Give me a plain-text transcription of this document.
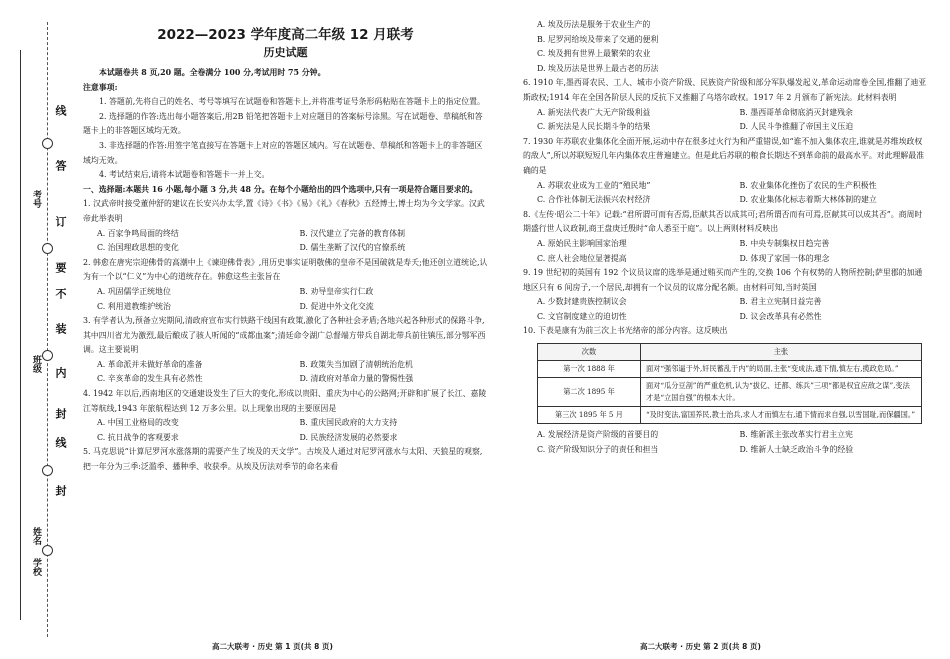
线
答
订
要
不
装
内
封
线
封
考号
班级
姓名
学校
2022—2023 学年度高二年级 12 月联考
历史试题

本试题卷共 8 页,20 题。全卷满分 100 分,考试用时 75 分钟。

注意事项:

1. 答题前,先将自己的姓名、考号等填写在试题卷和答题卡上,并将准考证号条形码粘贴在答题卡上的指定位置。

2. 选择题的作答:选出每小题答案后,用2B 铅笔把答题卡上对应题目的答案标号涂黑。写在试题卷、草稿纸和答题卡上的非答题区域均无效。

3. 非选择题的作答:用签字笔直接写在答题卡上对应的答题区域内。写在试题卷、草稿纸和答题卡上的非答题区域均无效。

4. 考试结束后,请将本试题卷和答题卡一并上交。

一、选择题:本题共 16 小题,每小题 3 分,共 48 分。在每个小题给出的四个选项中,只有一项是符合题目要求的。

1. 汉武帝时接受董仲舒的建议在长安兴办太学,置《诗》《书》《易》《礼》《春秋》五经博士,博士均为今文学家。汉武帝此举表明

A. 百家争鸣局面的终结	B. 汉代建立了完备的教育体制
C. 治国理政思想的变化	D. 儒生垄断了汉代的官僚系统

2. 韩愈在唐宪宗迎佛骨的高潮中上《谏迎佛骨表》,用历史事实证明敬佛的皇帝不是国破就是寿夭;他还创立道统论,认为有一个以“仁义”为中心的道统存在。韩愈这些主张旨在

A. 巩固儒学正统地位	B. 劝导皇帝实行仁政
C. 利用道教维护统治	D. 促进中外文化交流

3. 有学者认为,预备立宪期间,清政府宣布实行铁路干线国有政策,激化了各种社会矛盾;各地兴起各种形式的保路斗争,其中四川省尤为激烈,最后酿成了骇人听闻的“成都血案”;清廷命令湖广总督端方带兵自湖北带兵前往镇压,部分鄂军西调。这主要说明

A. 革命派并未做好革命的准备	B. 政策失当加剧了清朝统治危机
C. 辛亥革命的发生具有必然性	D. 清政府对革命力量的警惕性强

4. 1942 年以后,西南地区的交通建设发生了巨大的变化,形成以贵阳、重庆为中心的公路网;开辟和扩展了长江、嘉陵江等航线,1943 年旅航程达到 12 万多公里。以上现象出现的主要原因是

A. 中国工业格局的改变	B. 重庆国民政府的大力支持
C. 抗日战争的客观要求	D. 民族经济发展的必然要求

5. 马克思说“计算尼罗河水涨落期的需要产生了埃及的天文学”。古埃及人通过对尼罗河涨水与太阳、天狼星的观察,把一年分为三季:泛滥季、播种季、收获季。从埃及历法对季节的命名来看

高二大联考 · 历史 第 1 页(共 8 页)
A. 埃及历法是服务于农业生产的
B. 尼罗河给埃及带来了交通的便利
C. 埃及拥有世界上最繁荣的农业
D. 埃及历法是世界上最古老的历法

6. 1910 年,墨西哥农民、工人、城市小资产阶级、民族资产阶级和部分军队爆发起义,革命运动席卷全国,推翻了迪亚斯政权;1914 年在全国各阶层人民的反抗下又推翻了乌塔尔政权。1917 年 2 月颁布了新宪法。此材料表明

A. 新宪法代表广大无产阶级利益	B. 墨西哥革命彻底消灭封建残余
C. 新宪法是人民长期斗争的结果	D. 人民斗争推翻了帝国主义压迫

7. 1930 年苏联农业集体化全面开展,运动中存在很多过火行为和严重错误,如“谁不加入集体农庄,谁就是苏维埃政权的敌人”,所以苏联短短几年内集体农庄普遍建立。但是此后苏联的粮食长期达不到革命前的最高水平。对此理解最准确的是

A. 苏联农业成为工业的“殖民地”	B. 农业集体化挫伤了农民的生产积极性
C. 合作社体制无法振兴农村经济	D. 农业集体化标志着斯大林体制的建立

8.《左传·昭公二十年》记载:“君所谓可而有否焉,臣献其否以成其可;君所谓否而有可焉,臣献其可以成其否”。商周时期盛行世人议政制,商王盘庚迁殷时“命人悉至于庭”。以上两则材料反映出

A. 原始民主影响国家治理	B. 中央专制集权日趋完善
C. 庶人社会地位显著提高	D. 体现了家国一体的理念

9. 19 世纪初的英国有 192 个议员议席的选举是通过贿买而产生的,交换 106 个有权势的人物所控制;萨里郡的加通地区只有 6 间房子,一个居民,却拥有一个议员的议席分配名额。由材料可知,当时英国

A. 少数封建贵族控制议会	B. 君主立宪制日益完善
C. 文官制度建立的迫切性	D. 议会改革具有必然性

10. 下表是康有为前三次上书光绪帝的部分内容。这反映出

次数	主张
第一次 1888 年	面对“强邻逼于外,奸民蓄乱于内”的局面,主张“变成法,通下情,慎左右,揽政危局。”
第二次 1895 年	面对“瓜分豆剖”的严重危机,认为“拔亿、迁都、练兵”三项“都是权宜应敌之谋”,变法才是“立国自强”的根本大计。
第三次 1895 年 5 月	“及时变法,富国养民,教士治兵,求人才而慎左右,通下情而求自强,以雪国耻,而保疆国。”
A. 发展经济是资产阶级的首要目的	B. 维新派主张改革实行君主立宪
C. 资产阶级知识分子的责任和担当	D. 维新人士缺乏政治斗争的经验
高二大联考 · 历史 第 2 页(共 8 页)
